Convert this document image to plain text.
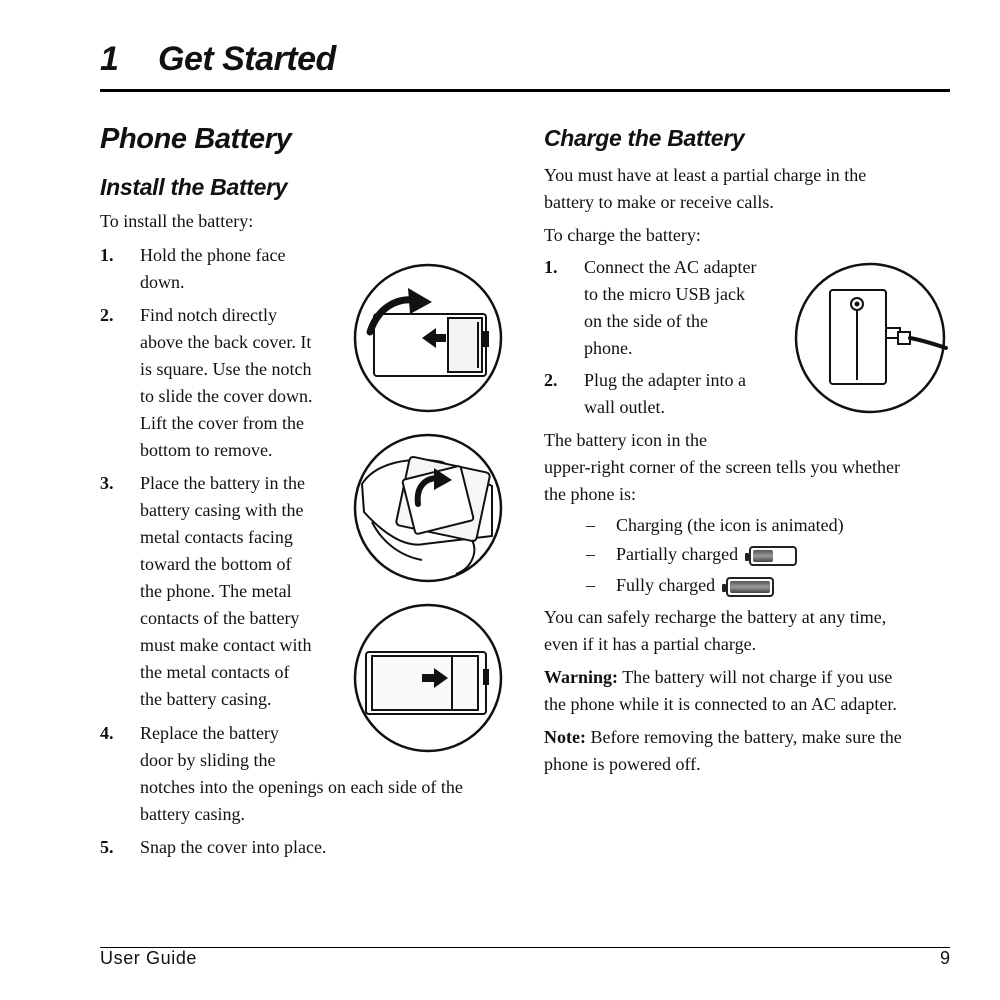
1 Get Started
Phone Battery
Install the Battery
To install the battery:
1. Hold the phone face
down.
2. Find notch directly
above the back cover. It
is square. Use the notch
to slide the cover down.
Lift the cover from the
bottom to remove.
3. Place the battery in the
battery casing with the
metal contacts facing
toward the bottom of
the phone. The metal
contacts of the battery
must make contact with
the metal contacts of
the battery casing.
4. Replace the battery
door by sliding the
notches into the openings on each side of the
battery casing.
5. Snap the cover into place.
Charge the Battery
You must have at least a partial charge in the
battery to make or receive calls.
To charge the battery:
1. Connect the AC adapter
to the micro USB jack
on the side of the
phone.
2. Plug the adapter into a
wall outlet.
The battery icon in the
upper-right corner of the screen tells you whether
the phone is:
– Charging (the icon is animated)
– Partially charged
– Fully charged
You can safely recharge the battery at any time,
even if it has a partial charge.
Warning: The battery will not charge if you use
the phone while it is connected to an AC adapter.
Note: Before removing the battery, make sure the
phone is powered off.
User Guide	9
